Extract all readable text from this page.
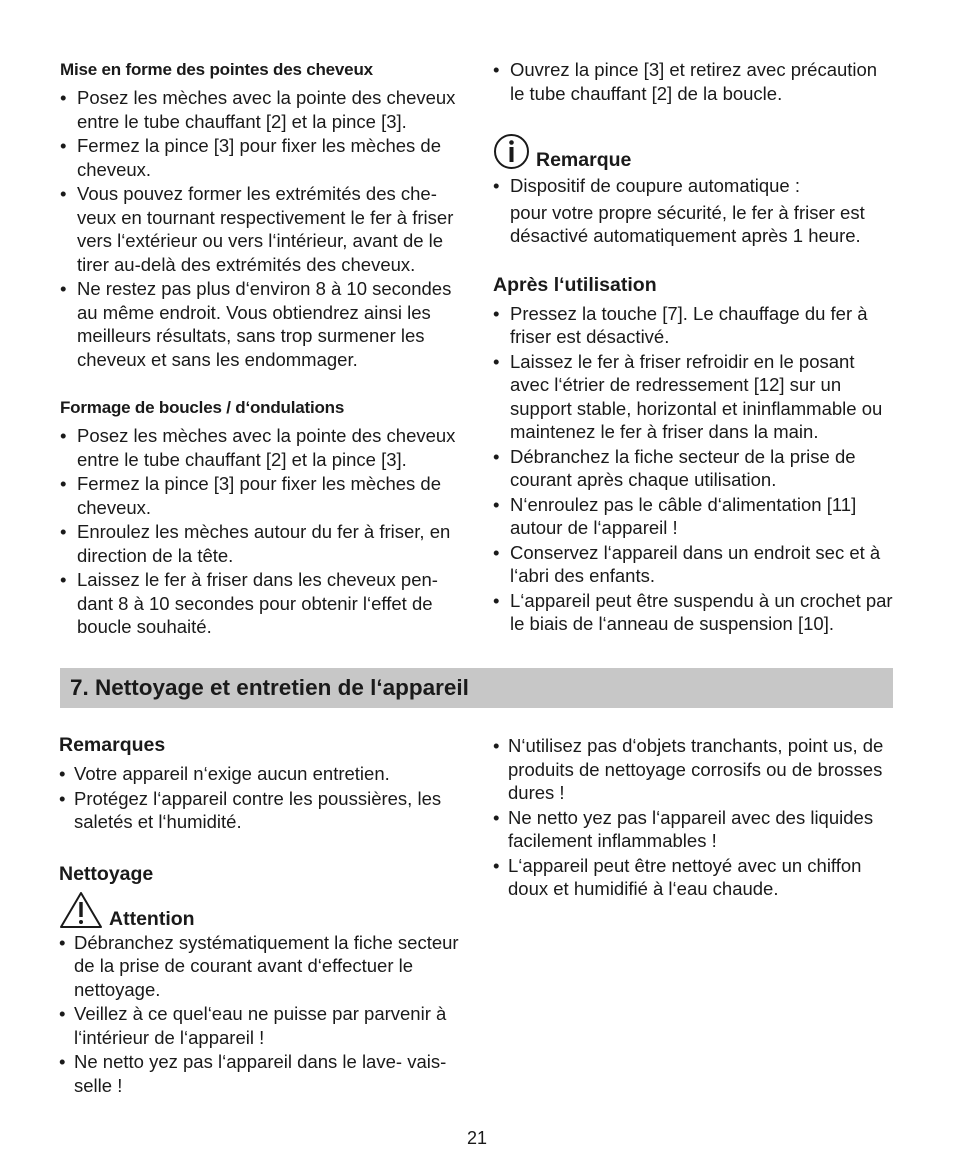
Mise en forme des pointes des cheveux
• Posez les mèches avec la pointe des cheveux entre le tube chauffant [2] et la pince [3].
• Fermez la pince [3] pour fixer les mèches de cheveux.
• Vous pouvez former les extrémités des che-veux en tournant respectivement le fer à friser vers l‘extérieur ou vers l‘intérieur, avant de le tirer au-delà des extrémités des cheveux.
• Ne restez pas plus d‘environ 8 à 10 secondes au même endroit. Vous obtiendrez ainsi les meilleurs résultats, sans trop surmener les cheveux et sans les endommager.
Formage de boucles / d‘ondulations
• Posez les mèches avec la pointe des cheveux entre le tube chauffant [2] et la pince [3].
• Fermez la pince [3] pour fixer les mèches de cheveux.
• Enroulez les mèches autour du fer à friser, en direction de la tête.
• Laissez le fer à friser dans les cheveux pen-dant 8 à 10 secondes pour obtenir l‘effet de boucle souhaité.
• Ouvrez la pince [3] et retirez avec précaution le tube chauffant [2] de la boucle.
Remarque
• Dispositif de coupure automatique :
pour votre propre sécurité, le fer à friser est désactivé automatiquement après 1 heure.
Après l‘utilisation
• Pressez la touche [7]. Le chauffage du fer à friser est désactivé.
• Laissez le fer à friser refroidir en le posant avec l‘étrier de redressement [12] sur un support stable, horizontal et ininflammable ou maintenez le fer à friser dans la main.
• Débranchez la fiche secteur de la prise de courant après chaque utilisation.
• N‘enroulez pas le câble d‘alimentation [11] autour de l‘appareil !
• Conservez l‘appareil dans un endroit sec et à l‘abri des enfants.
• L‘appareil peut être suspendu à un crochet par le biais de l‘anneau de suspension [10].
7. Nettoyage et entretien de l‘appareil
Remarques
• Votre appareil n‘exige aucun entretien.
• Protégez l‘appareil contre les poussières, les saletés et l‘humidité.
Nettoyage
Attention
• Débranchez systématiquement la fiche secteur de la prise de courant avant d‘effectuer le nettoyage.
• Veillez à ce quel‘eau ne puisse par parvenir à l‘intérieur de l‘appareil !
• Ne netto yez pas l‘appareil dans le lave- vais-selle !
• N‘utilisez pas d‘objets tranchants, point us, de produits de nettoyage corrosifs ou de brosses dures !
• Ne netto yez pas l‘appareil avec des liquides facilement inflammables !
• L‘appareil peut être nettoyé avec un chiffon doux et humidifié à l‘eau chaude.
21
